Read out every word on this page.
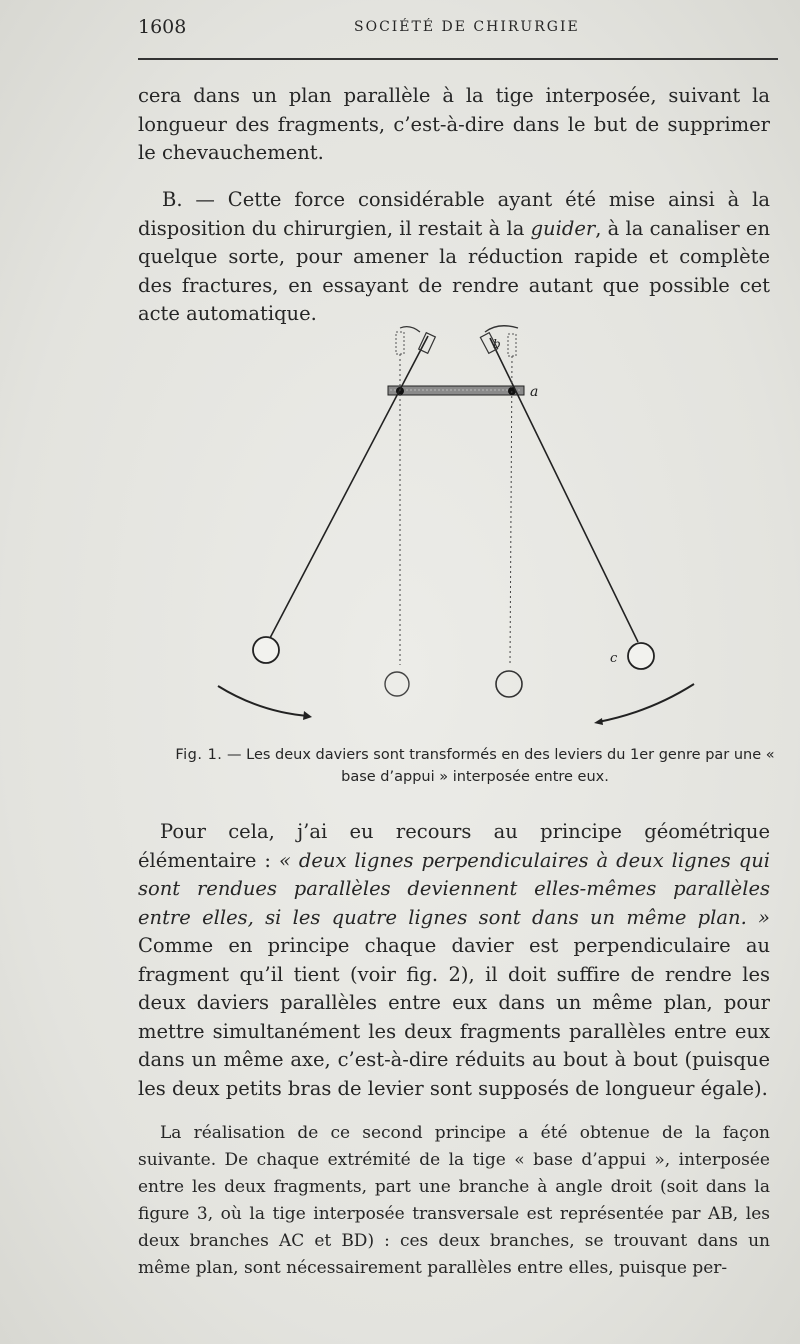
1608	SOCIÉTÉ DE CHIRURGIE

cera dans un plan parallèle à la tige interposée, suivant la longueur des fragments, c’est-à-dire dans le but de supprimer le chevauchement.

B. — Cette force considérable ayant été mise ainsi à la disposition du chirurgien, il restait à la guider, à la canaliser en quelque sorte, pour amener la réduction rapide et complète des fractures, en essayant de rendre autant que possible cet acte automatique.

a
b
c
Fig. 1. — Les deux daviers sont transformés en des leviers du 1er genre par une « base d’appui » interposée entre eux.

Pour cela, j’ai eu recours au principe géométrique élémentaire : « deux lignes perpendiculaires à deux lignes qui sont rendues parallèles deviennent elles-mêmes parallèles entre elles, si les quatre lignes sont dans un même plan. » Comme en principe chaque davier est perpendiculaire au fragment qu’il tient (voir fig. 2), il doit suffire de rendre les deux daviers parallèles entre eux dans un même plan, pour mettre simultanément les deux fragments parallèles entre eux dans un même axe, c’est-à-dire réduits au bout à bout (puisque les deux petits bras de levier sont supposés de longueur égale).

La réalisation de ce second principe a été obtenue de la façon suivante. De chaque extrémité de la tige « base d’appui », interposée entre les deux fragments, part une branche à angle droit (soit dans la figure 3, où la tige interposée transversale est représentée par AB, les deux branches AC et BD) : ces deux branches, se trouvant dans un même plan, sont nécessairement parallèles entre elles, puisque per-
